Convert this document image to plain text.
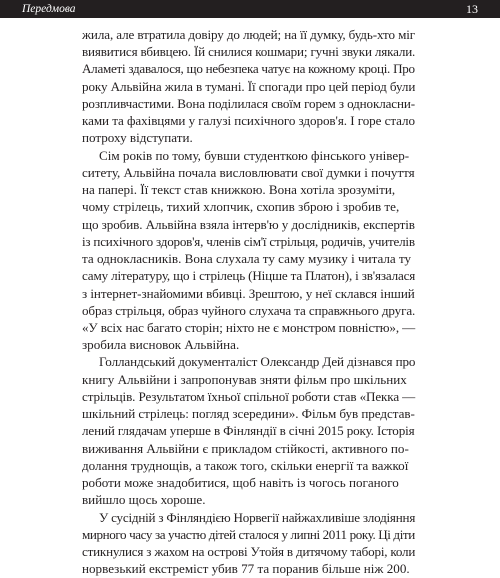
Передмова	13
жила, але втратила довіру до людей; на її думку, будь-хто міг
виявитися вбивцею. Їй снилися кошмари; гучні звуки лякали.
Аламеті здавалося, що небезпека чатує на кожному кроці. Про
року Альвійна жила в тумані. Її спогади про цей період були
розпливчастими. Вона поділилася своїм горем з однокласни-
ками та фахівцями у галузі психічного здоров'я. І горе стало
потроху відступати.
Сім років по тому, бувши студенткою фінського універ-
ситету, Альвійна почала висловлювати свої думки і почуття
на папері. Її текст став книжкою. Вона хотіла зрозуміти,
чому стрілець, тихий хлопчик, схопив зброю і зробив те,
що зробив. Альвійна взяла інтерв'ю у дослідників, експертів
із психічного здоров'я, членів сім'ї стрільця, родичів, учителів
та однокласників. Вона слухала ту саму музику і читала ту
саму літературу, що і стрілець (Ніцше та Платон), і зв'язалася
з інтернет-знайомими вбивці. Зрештою, у неї склався інший
образ стрільця, образ чуйного слухача та справжнього друга.
«У всіх нас багато сторін; ніхто не є монстром повністю», —
зробила висновок Альвійна.
Голландський документаліст Олександр Дей дізнався про
книгу Альвійни і запропонував зняти фільм про шкільних
стрільців. Результатом їхньої спільної роботи став «Пекка —
шкільний стрілець: погляд зсередини». Фільм був представ-
лений глядачам уперше в Фінляндії в січні 2015 року. Історія
виживання Альвійни є прикладом стійкості, активного по-
долання труднощів, а також того, скільки енергії та важкої
роботи може знадобитися, щоб навіть із чогось поганого
вийшло щось хороше.
У сусідній з Фінляндією Норвегії найжахливіше злодіяння
мирного часу за участю дітей сталося у липні 2011 року. Ці діти
стикнулися з жахом на острові Утойя в дитячому таборі, коли
норвезький екстреміст убив 77 та поранив більше ніж 200.
